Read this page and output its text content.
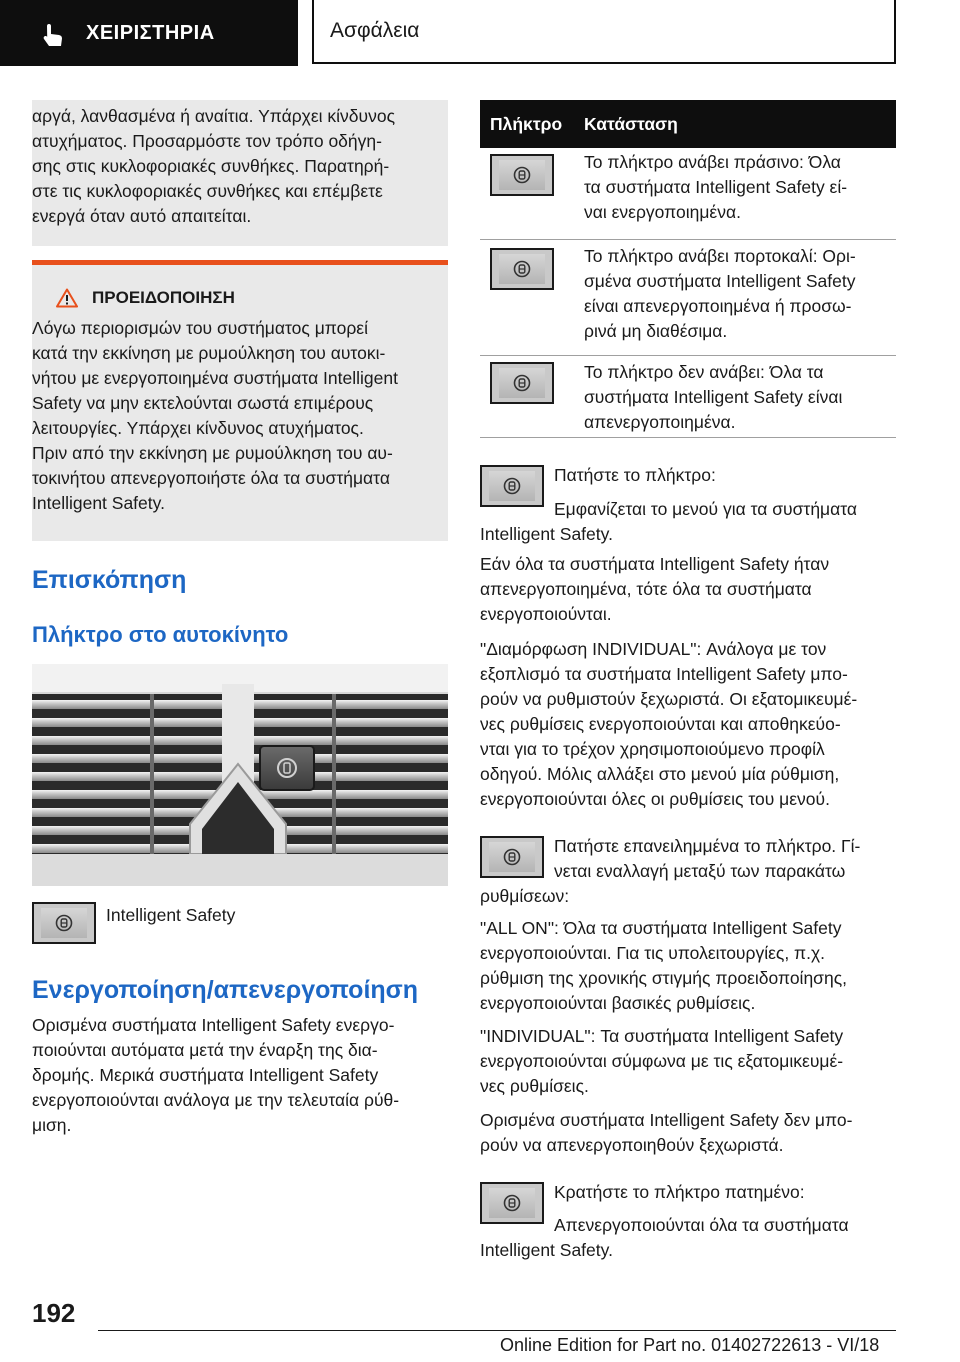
ΧΕΙΡΙΣΤΗΡΙΑ	Ασφάλεια
αργά, λανθασμένα ή αναίτια. Υπάρχει κίνδυνος
ατυχήματος. Προσαρμόστε τον τρόπο οδήγη‐
σης στις κυκλοφοριακές συνθήκες. Παρατηρή‐
στε τις κυκλοφοριακές συνθήκες και επέμβετε
ενεργά όταν αυτό απαιτείται.
ΠΡΟΕΙΔΟΠΟΙΗΣΗ
Λόγω περιορισμών του συστήματος μπορεί
κατά την εκκίνηση με ρυμούλκηση του αυτοκι‐
νήτου με ενεργοποιημένα συστήματα Intelligent
Safety να μην εκτελούνται σωστά επιμέρους
λειτουργίες. Υπάρχει κίνδυνος ατυχήματος.
Πριν από την εκκίνηση με ρυμούλκηση του αυ‐
τοκινήτου απενεργοποιήστε όλα τα συστήματα
Intelligent Safety.
Επισκόπηση
Πλήκτρο στο αυτοκίνητο
Intelligent Safety
Ενεργοποίηση/απενεργοποίηση
Ορισμένα συστήματα Intelligent Safety ενεργο‐
ποιούνται αυτόματα μετά την έναρξη της δια‐
δρομής. Μερικά συστήματα Intelligent Safety
ενεργοποιούνται ανάλογα με την τελευταία ρύθ‐
μιση.
Πλήκτρο	Κατάσταση
Το πλήκτρο ανάβει πράσινο: Όλα
τα συστήματα Intelligent Safety εί‐
ναι ενεργοποιημένα.
Το πλήκτρο ανάβει πορτοκαλί: Ορι‐
σμένα συστήματα Intelligent Safety
είναι απενεργοποιημένα ή προσω‐
ρινά μη διαθέσιμα.
Το πλήκτρο δεν ανάβει: Όλα τα
συστήματα Intelligent Safety είναι
απενεργοποιημένα.
Πατήστε το πλήκτρο:
Εμφανίζεται το μενού για τα συστήματα
Intelligent Safety.
Εάν όλα τα συστήματα Intelligent Safety ήταν
απενεργοποιημένα, τότε όλα τα συστήματα
ενεργοποιούνται.
"Διαμόρφωση INDIVIDUAL": Ανάλογα με τον
εξοπλισμό τα συστήματα Intelligent Safety μπο‐
ρούν να ρυθμιστούν ξεχωριστά. Οι εξατομικευμέ‐
νες ρυθμίσεις ενεργοποιούνται και αποθηκεύο‐
νται για το τρέχον χρησιμοποιούμενο προφίλ
οδηγού. Μόλις αλλάξει στο μενού μία ρύθμιση,
ενεργοποιούνται όλες οι ρυθμίσεις του μενού.
Πατήστε επανειλημμένα το πλήκτρο. Γί‐
νεται εναλλαγή μεταξύ των παρακάτω
ρυθμίσεων:
"ALL ON": Όλα τα συστήματα Intelligent Safety
ενεργοποιούνται. Για τις υπολειτουργίες, π.χ.
ρύθμιση της χρονικής στιγμής προειδοποίησης,
ενεργοποιούνται βασικές ρυθμίσεις.
"INDIVIDUAL": Τα συστήματα Intelligent Safety
ενεργοποιούνται σύμφωνα με τις εξατομικευμέ‐
νες ρυθμίσεις.
Ορισμένα συστήματα Intelligent Safety δεν μπο‐
ρούν να απενεργοποιηθούν ξεχωριστά.
Κρατήστε το πλήκτρο πατημένο:
Απενεργοποιούνται όλα τα συστήματα
Intelligent Safety.
192
Online Edition for Part no. 01402722613 - VI/18
